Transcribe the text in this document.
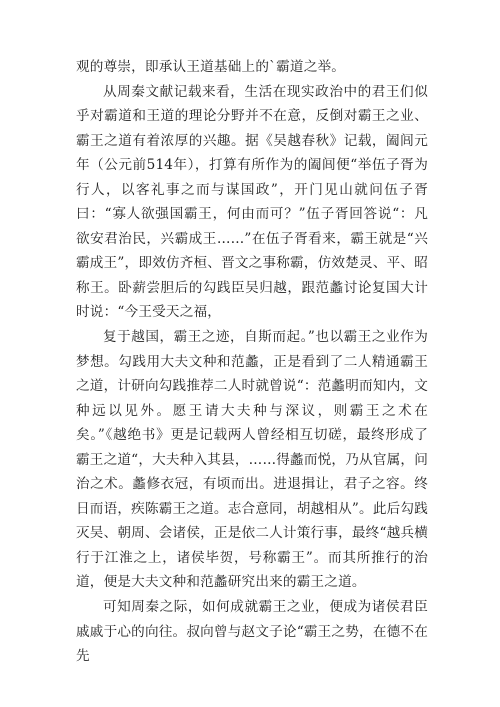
观的尊崇，即承认王道基础上的`霸道之举。

从周秦文献记载来看，生活在现实政治中的君王们似乎对霸道和王道的理论分野并不在意，反倒对霸王之业、霸王之道有着浓厚的兴趣。据《吴越春秋》记载，阖闾元年（公元前514年），打算有所作为的阖闾便“举伍子胥为行人，以客礼事之而与谋国政”，开门见山就问伍子胥曰：“寡人欲强国霸王，何由而可？”伍子胥回答说“：凡欲安君治民，兴霸成王……”在伍子胥看来，霸王就是“兴霸成王”，即效仿齐桓、晋文之事称霸，仿效楚灵、平、昭称王。卧薪尝胆后的勾践臣吴归越，跟范蠡讨论复国大计时说：“今王受天之福，

复于越国，霸王之迹，自斯而起。”也以霸王之业作为梦想。勾践用大夫文种和范蠡，正是看到了二人精通霸王之道，计研向勾践推荐二人时就曾说“：范蠡明而知内，文种远以见外。愿王请大夫种与深议，则霸王之术在矣。”《越绝书》更是记载两人曾经相互切磋，最终形成了霸王之道“，大夫种入其县，……得蠡而悦，乃从官属，问治之术。蠡修衣冠，有顷而出。进退揖让，君子之容。终日而语，疾陈霸王之道。志合意同，胡越相从”。此后勾践灭吴、朝周、会诸侯，正是依二人计策行事，最终“越兵横行于江淮之上，诸侯毕贺，号称霸王”。而其所推行的治道，便是大夫文种和范蠡研究出来的霸王之道。

可知周秦之际，如何成就霸王之业，便成为诸侯君臣戚戚于心的向往。叔向曾与赵文子论“霸王之势，在德不在先
